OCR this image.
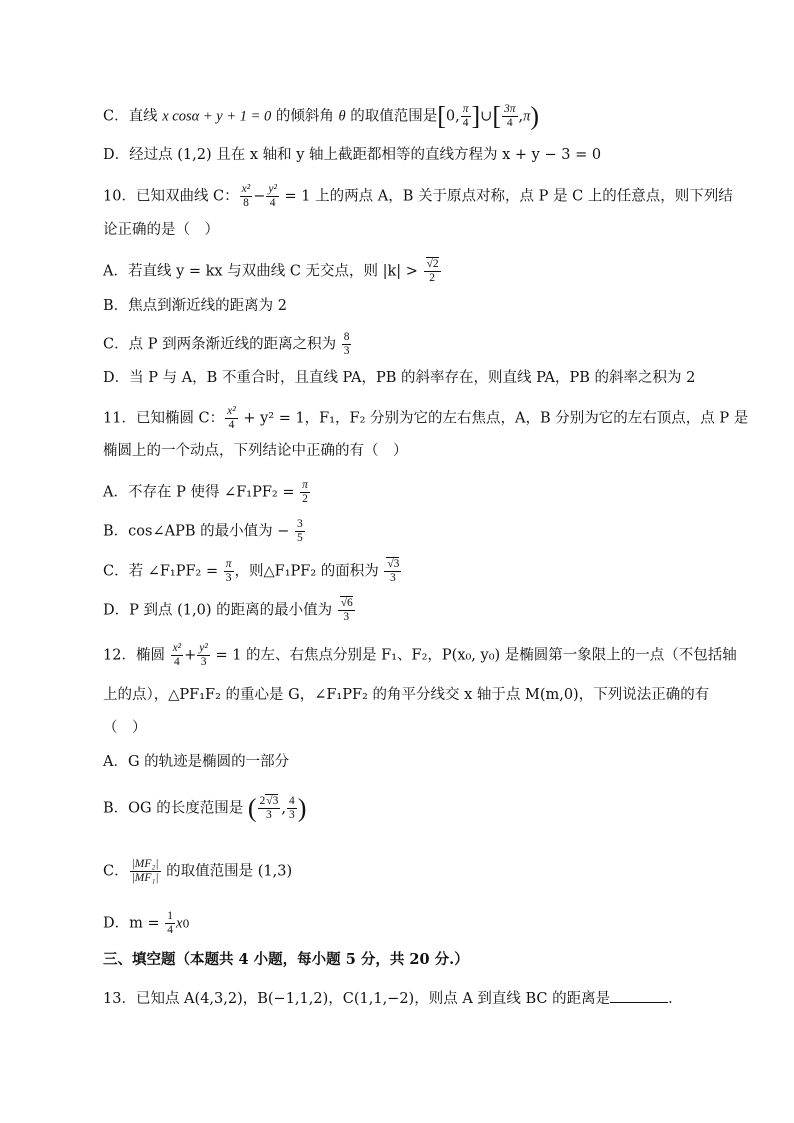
C．直线 x cosα + y + 1 = 0 的倾斜角 θ 的取值范围是[0, $\frac{\pi}{4}$ ]∪[ $\frac{3\pi}{4} ,\pi$)
D．经过点 (1,2) 且在 x 轴和 y 轴上截距都相等的直线方程为 x + y − 3 = 0
10．已知双曲线 C： $\frac{\text{x²}}{8} - \frac{\text{y²}}{4} = 1$ 上的两点 A，B 关于原点对称，点 P 是 C 上的任意点，则下列结
论正确的是（　）
A．若直线 y = kx 与双曲线 C 无交点，则 $|k| > \frac{√2}{2}$
B．焦点到渐近线的距离为 2
C．点 P 到两条渐近线的距离之积为 $\frac{8}{3}$
D．当 P 与 A，B 不重合时，且直线 PA，PB 的斜率存在，则直线 PA，PB 的斜率之积为 2
11．已知椭圆 C： $\frac{\text{x²}}{4} + y^2 = 1$，F₁，F₂ 分别为它的左右焦点，A，B 分别为它的左右顶点，点 P 是
椭圆上的一个动点，下列结论中正确的有（　）
A．不存在 P 使得 ∠F₁PF₂ = $\frac{\pi}{2}$
B．cos∠APB 的最小值为 − $\frac{3}{5}$
C．若 ∠F₁PF₂ = $\frac{\pi}{3}$ ，则△F₁PF₂ 的面积为 $\frac{√3}{3}$
D．P 到点 (1,0) 的距离的最小值为 $\frac{√6}{3}$
12．椭圆 $\frac{\text{x²}}{4} + \frac{\text{y²}}{3} = 1$ 的左、右焦点分别是 F₁、F₂，P(x₀, y₀) 是椭圆第一象限上的一点（不包括轴
上的点），△PF₁F₂ 的重心是 G，∠F₁PF₂ 的角平分线交 x 轴于点 M(m,0)，下列说法正确的有
（　）
A．G 的轨迹是椭圆的一部分
B．OG 的长度范围是 ( $\frac{2√3}{3}$ , $\frac{4}{3}$ )
C． $\frac{\text{|MF₂|}}{\text{|MF₁|}}$ 的取值范围是 (1,3)
D．$m = \frac{1}{4} x0$
三、填空题（本题共 4 小题，每小题 5 分，共 20 分.）
13．已知点 A(4,3,2)，B(−1,1,2)，C(1,1,−2)，则点 A 到直线 BC 的距离是	．
